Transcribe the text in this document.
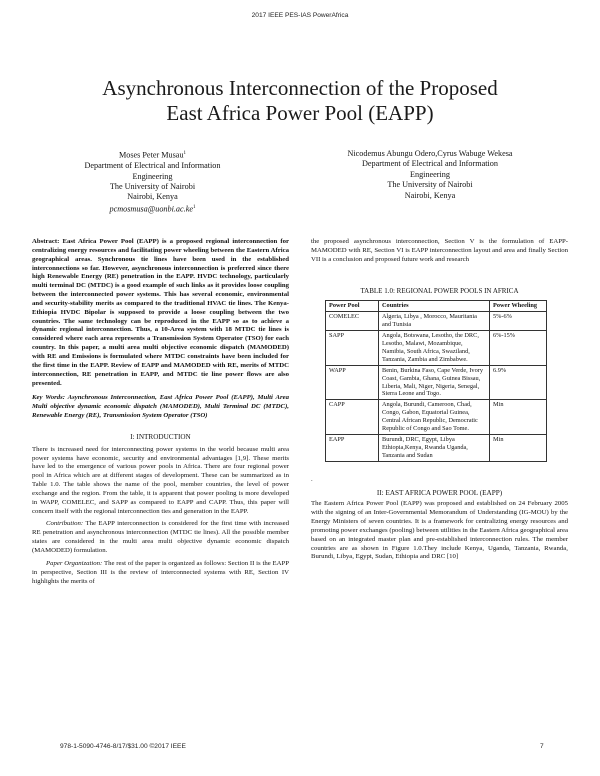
2017 IEEE PES-IAS PowerAfrica
Asynchronous Interconnection of the Proposed
East Africa Power Pool (EAPP)
Moses Peter Musau$^1$
Department of Electrical and Information
Engineering
The University of Nairobi
Nairobi, Kenya
$pcmosmusa@uonbi.ac.ke^1$
Nicodemus Abungu Odero,Cyrus Wabuge Wekesa
Department of Electrical and Information
Engineering
The University of Nairobi
Nairobi, Kenya

Abstract: East Africa Power Pool (EAPP) is a proposed regional interconnection for centralizing energy resources and facilitating power wheeling between the Eastern Africa geographical areas. Synchronous tie lines have been used in the established interconnections so far. However, asynchronous interconnection is preferred since there high Renewable Energy (RE) penetration in the EAPP. HVDC technology, particularly multi terminal DC (MTDC) is a good example of such links as it provides loose coupling between the interconnected power systems. This has several economic, environmental and security-stability merits as compared to the traditional HVAC tie lines. The Kenya-Ethiopia HVDC Bipolar is supposed to provide a loose coupling between the two countries. The same technology can be reproduced in the EAPP so as to achieve a dynamic regional interconnection. Thus, a 10-Area system with 18 MTDC tie lines is considered where each area represents a Transmission System Operator (TSO) for each country. In this paper, a multi area multi objective economic dispatch (MAMODED) with RE and Emissions is formulated where MTDC constraints have been included for the first time in the EAPP. Review of EAPP and MAMODED with RE, merits of MTDC interconnection, RE penetration in EAPP, and MTDC tie line power flows are also presented.

Key Words: Asynchronous Interconnection, East Africa Power Pool (EAPP), Multi Area Multi objective dynamic economic dispatch (MAMODED), Multi Terminal DC (MTDC), Renewable Energy (RE), Transmission System Operator (TSO)

I: INTRODUCTION

There is increased need for interconnecting power systems in the world because multi area power systems have economic, security and environmental advantages [1,9]. These merits have led to the emergence of various power pools in Africa. There are four regional power pool in Africa which are at different stages of development. These can be summarized as in Table 1.0. The table shows the name of the pool, member countries, the level of power exchange and the region. From the table, it is apparent that power pooling is more developed in WAPP, COMELEC, and SAPP as compared to EAPP and CAPP. Thus, this paper will concern itself with the regional interconnection ties and generation in the EAPP.

Contribution: The EAPP interconnection is considered for the first time with increased RE penetration and asynchronous interconnection (MTDC tie lines). All the possible member states are considered in the multi area multi objective dynamic economic dispatch (MAMODED) formulation.

Paper Organization: The rest of the paper is organized as follows: Section II is the EAPP in perspective, Section III is the review of interconnected systems with RE, Section IV highlights the merits of

the proposed asynchronous interconnection, Section V is the formulation of EAPP-MAMODED with RE, Section VI is EAPP interconnection layout and area and finally Section VII is a conclusion and proposed future work and research

TABLE 1.0: REGIONAL POWER POOLS IN AFRICA

Power Pool	Countries	Power Wheeling
COMELEC	Algeria, Libya , Morocco, Mauritania and Tunisia	5%-6%
SAPP	Angola, Botswana, Lesotho, the DRC, Lesotho, Malawi, Mozambique, Namibia, South Africa, Swaziland, Tanzania, Zambia and Zimbabwe.	6%-15%
WAPP	Benin, Burkina Faso, Cape Verde, Ivory Coast, Gambia, Ghana, Guinea Bissau, Liberia, Mali, Niger, Nigeria, Senegal, Sierra Leone and Togo.	6.9%
CAPP	Angola, Burundi, Cameroon, Chad, Congo, Gabon, Equatorial Guinea, Central African Republic, Democratic Republic of Congo and Sao Tome.	Min
EAPP	Burundi, DRC, Egypt, Libya Ethiopia,Kenya, Rwanda Uganda, Tanzania and Sudan	Min

.

II: EAST AFRICA POWER POOL (EAPP)

The Eastern Africa Power Pool (EAPP) was proposed and established on 24 February 2005 with the signing of an Inter-Governmental Memorandum of Understanding (IG-MOU) by the Energy Ministers of seven countries. It is a framework for centralizing energy resources and promoting power exchanges (pooling) between utilities in the Eastern Africa geographical area based on an integrated master plan and pre-established interconnection rules. The member countries are as shown in Figure 1.0.They include Kenya, Uganda, Tanzania, Rwanda, Burundi, Libya, Egypt, Sudan, Ethiopia and DRC [10]

978-1-5090-4746-8/17/$31.00 ©2017 IEEE	7
